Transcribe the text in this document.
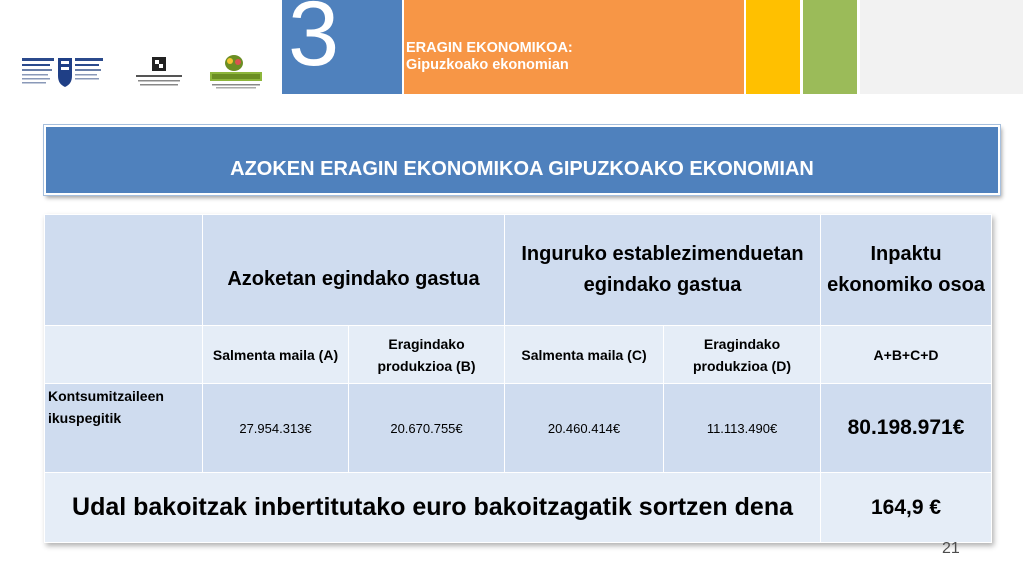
3	ERAGIN EKONOMIKOA:
Gipuzkoako ekonomian
AZOKEN ERAGIN EKONOMIKOA GIPUZKOAKO EKONOMIAN
	Azoketan egindako gastua		Inguruko establezimenduetan egindako gastua		Inpaktu ekonomiko osoa
	Salmenta maila (A)	Eragindako produkzioa (B)	Salmenta maila (C)	Eragindako produkzioa (D)	A+B+C+D
Kontsumitzaileen ikuspegitik	27.954.313€	20.670.755€	20.460.414€	11.113.490€	80.198.971€
Udal bakoitzak inbertitutako euro bakoitzagatik sortzen dena					164,9 €
21
